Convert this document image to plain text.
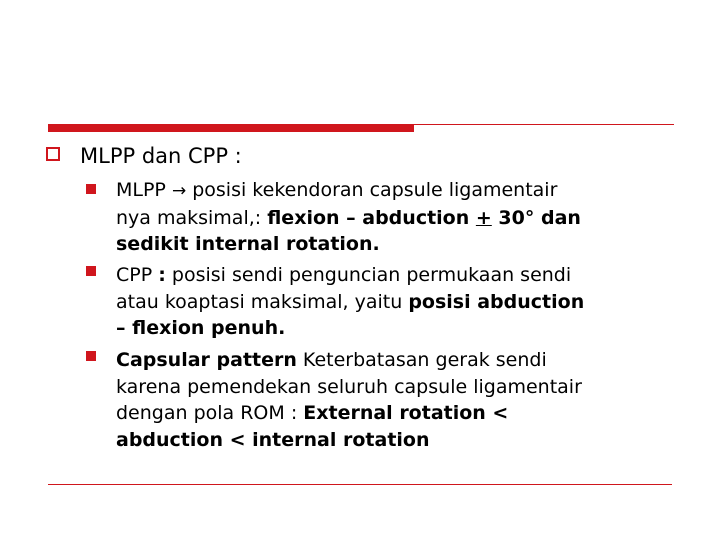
MLPP dan CPP :
MLPP → posisi kekendoran capsule ligamentair
nya maksimal,: flexion – abduction + 30° dan
sedikit internal rotation.
CPP : posisi sendi penguncian permukaan sendi
atau koaptasi maksimal, yaitu posisi abduction
– flexion penuh.
Capsular pattern Keterbatasan gerak sendi
karena pemendekan seluruh capsule ligamentair
dengan pola ROM : External rotation <
abduction < internal rotation
